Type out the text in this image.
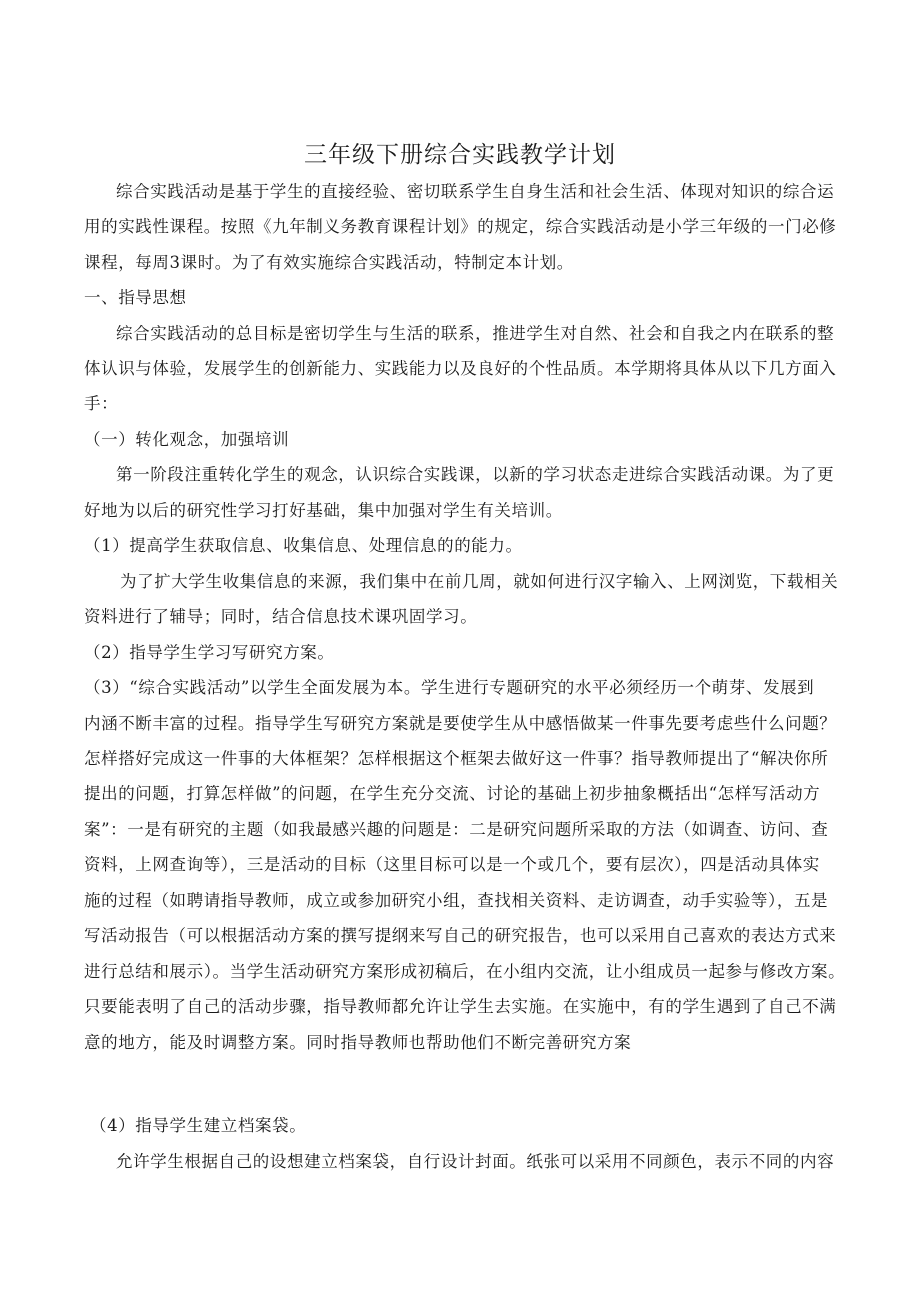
三年级下册综合实践教学计划
综合实践活动是基于学生的直接经验、密切联系学生自身生活和社会生活、体现对知识的综合运
用的实践性课程。按照《九年制义务教育课程计划》的规定，综合实践活动是小学三年级的一门必修
课程，每周3课时。为了有效实施综合实践活动，特制定本计划。
一、指导思想
综合实践活动的总目标是密切学生与生活的联系，推进学生对自然、社会和自我之内在联系的整
体认识与体验，发展学生的创新能力、实践能力以及良好的个性品质。本学期将具体从以下几方面入
手：
（一）转化观念，加强培训
第一阶段注重转化学生的观念，认识综合实践课，以新的学习状态走进综合实践活动课。为了更
好地为以后的研究性学习打好基础，集中加强对学生有关培训。
（1）提高学生获取信息、收集信息、处理信息的的能力。
为了扩大学生收集信息的来源，我们集中在前几周，就如何进行汉字输入、上网浏览，下载相关
资料进行了辅导；同时，结合信息技术课巩固学习。
（2）指导学生学习写研究方案。
（3）“综合实践活动”以学生全面发展为本。学生进行专题研究的水平必须经历一个萌芽、发展到
内涵不断丰富的过程。指导学生写研究方案就是要使学生从中感悟做某一件事先要考虑些什么问题？
怎样搭好完成这一件事的大体框架？怎样根据这个框架去做好这一件事？指导教师提出了“解决你所
提出的问题，打算怎样做”的问题，在学生充分交流、讨论的基础上初步抽象概括出“怎样写活动方
案”：一是有研究的主题（如我最感兴趣的问题是：二是研究问题所采取的方法（如调查、访问、查
资料，上网查询等），三是活动的目标（这里目标可以是一个或几个，要有层次），四是活动具体实
施的过程（如聘请指导教师，成立或参加研究小组，查找相关资料、走访调查，动手实验等），五是
写活动报告（可以根据活动方案的撰写提纲来写自己的研究报告，也可以采用自己喜欢的表达方式来
进行总结和展示）。当学生活动研究方案形成初稿后，在小组内交流，让小组成员一起参与修改方案。
只要能表明了自己的活动步骤，指导教师都允许让学生去实施。在实施中，有的学生遇到了自己不满
意的地方，能及时调整方案。同时指导教师也帮助他们不断完善研究方案
（4）指导学生建立档案袋。
允许学生根据自己的设想建立档案袋，自行设计封面。纸张可以采用不同颜色，表示不同的内容
